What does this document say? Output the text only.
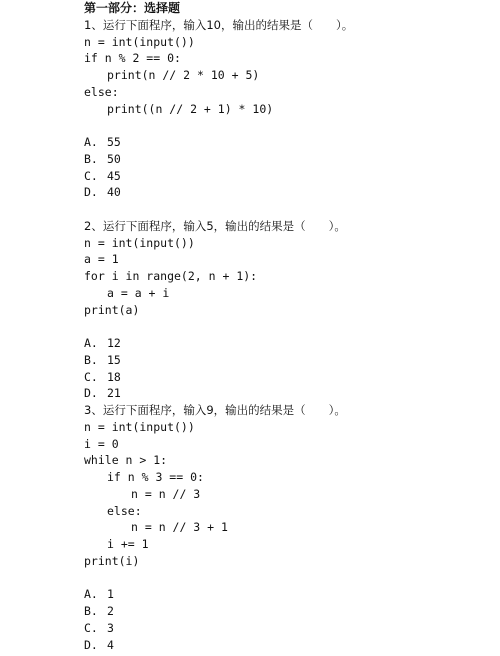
第一部分：选择题
1、运行下面程序，输入10，输出的结果是（　　）。
n = int(input())
if n % 2 == 0:
print(n // 2 * 10 + 5)
else:
print((n // 2 + 1) * 10)
A. 55
B. 50
C. 45
D. 40
2、运行下面程序，输入5，输出的结果是（　　）。
n = int(input())
a = 1
for i in range(2, n + 1):
a = a + i
print(a)
A. 12
B. 15
C. 18
D. 21
3、运行下面程序，输入9，输出的结果是（　　）。
n = int(input())
i = 0
while n > 1:
if n % 3 == 0:
n = n // 3
else:
n = n // 3 + 1
i += 1
print(i)
A. 1
B. 2
C. 3
D. 4
